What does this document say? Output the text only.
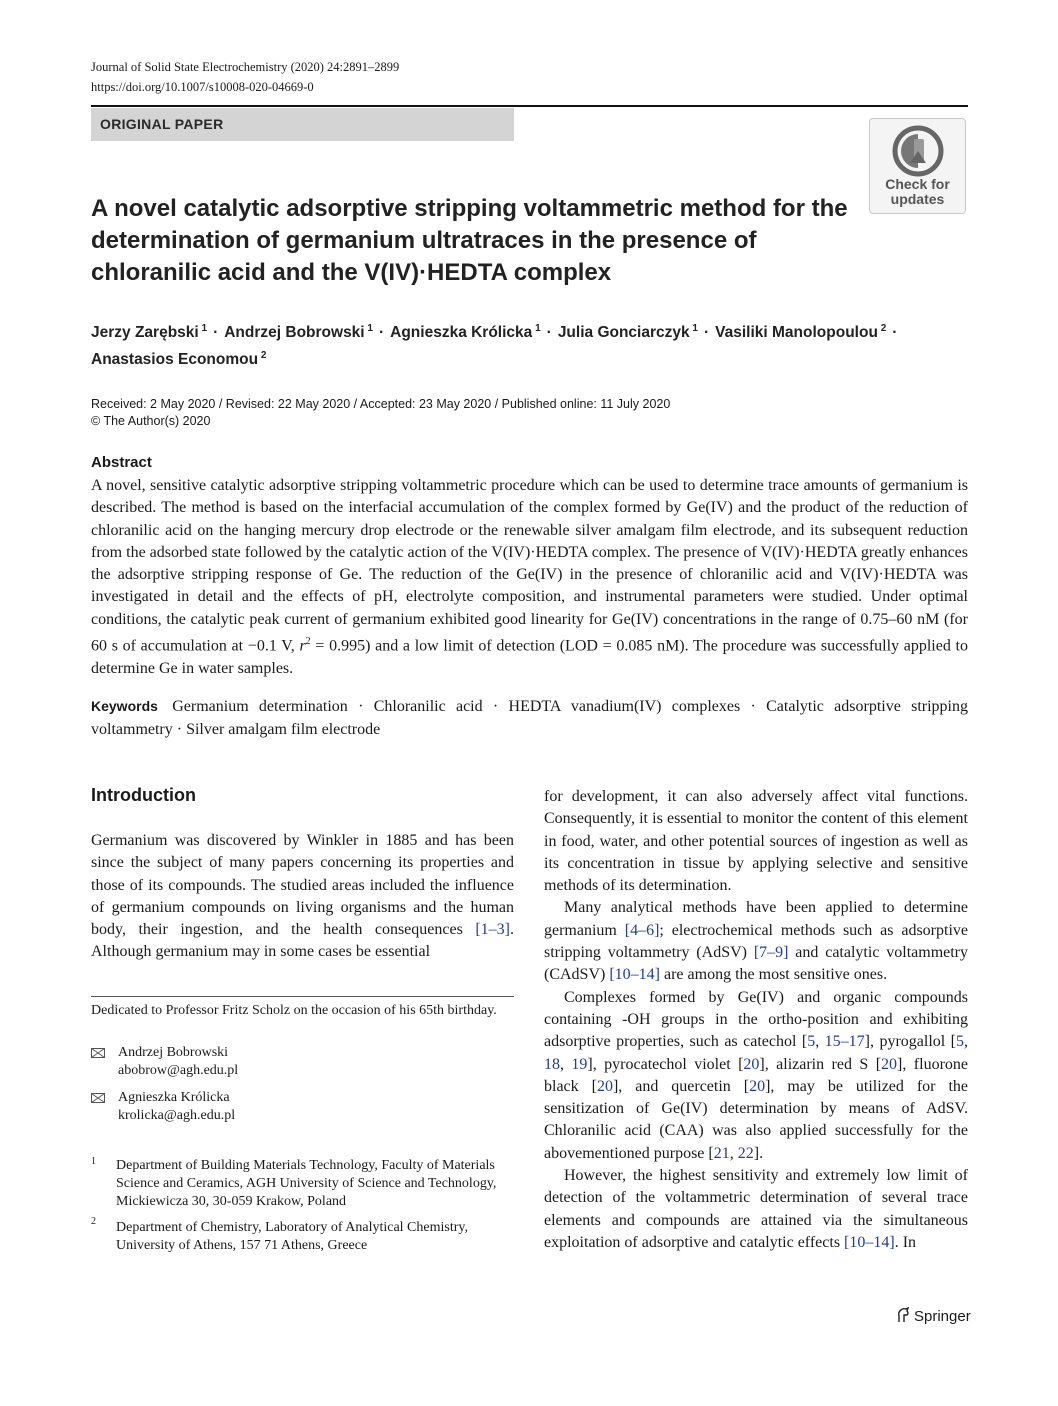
Journal of Solid State Electrochemistry (2020) 24:2891–2899
https://doi.org/10.1007/s10008-020-04669-0
ORIGINAL PAPER
Check for updates
A novel catalytic adsorptive stripping voltammetric method for the determination of germanium ultratraces in the presence of chloranilic acid and the V(IV)·HEDTA complex
Jerzy Zarębski $^1$ · Andrzej Bobrowski $^1$ · Agnieszka Królicka $^1$ · Julia Gonciarczyk $^1$ · Vasiliki Manolopoulou $^2$ ·
Anastasios Economou $^2$
Received: 2 May 2020 / Revised: 22 May 2020 / Accepted: 23 May 2020 / Published online: 11 July 2020
© The Author(s) 2020
Abstract
A novel, sensitive catalytic adsorptive stripping voltammetric procedure which can be used to determine trace amounts of germanium is described. The method is based on the interfacial accumulation of the complex formed by Ge(IV) and the product of the reduction of chloranilic acid on the hanging mercury drop electrode or the renewable silver amalgam film electrode, and its subsequent reduction from the adsorbed state followed by the catalytic action of the V(IV)·HEDTA complex. The presence of V(IV)·HEDTA greatly enhances the adsorptive stripping response of Ge. The reduction of the Ge(IV) in the presence of chloranilic acid and V(IV)·HEDTA was investigated in detail and the effects of pH, electrolyte composition, and instrumental parameters were studied. Under optimal conditions, the catalytic peak current of germanium exhibited good linearity for Ge(IV) concentrations in the range of 0.75–60 nM (for 60 s of accumulation at −0.1 V, $r^2 = 0.995$) and a low limit of detection (LOD = 0.085 nM). The procedure was successfully applied to determine Ge in water samples.
Keywords Germanium determination · Chloranilic acid · HEDTA vanadium(IV) complexes · Catalytic adsorptive stripping voltammetry · Silver amalgam film electrode
Introduction
Germanium was discovered by Winkler in 1885 and has been since the subject of many papers concerning its properties and those of its compounds. The studied areas included the influence of germanium compounds on living organisms and the human body, their ingestion, and the health consequences [1–3]. Although germanium may in some cases be essential
Dedicated to Professor Fritz Scholz on the occasion of his 65th birthday.
Andrzej Bobrowski
abobrow@agh.edu.pl
Agnieszka Królicka
krolicka@agh.edu.pl
1 Department of Building Materials Technology, Faculty of Materials Science and Ceramics, AGH University of Science and Technology, Mickiewicza 30, 30-059 Krakow, Poland
2 Department of Chemistry, Laboratory of Analytical Chemistry, University of Athens, 157 71 Athens, Greece

for development, it can also adversely affect vital functions. Consequently, it is essential to monitor the content of this element in food, water, and other potential sources of ingestion as well as its concentration in tissue by applying selective and sensitive methods of its determination.

Many analytical methods have been applied to determine germanium [4–6]; electrochemical methods such as adsorptive stripping voltammetry (AdSV) [7–9] and catalytic voltammetry (CAdSV) [10–14] are among the most sensitive ones.

Complexes formed by Ge(IV) and organic compounds containing -OH groups in the ortho-position and exhibiting adsorptive properties, such as catechol [5, 15–17], pyrogallol [5, 18, 19], pyrocatechol violet [20], alizarin red S [20], fluorone black [20], and quercetin [20], may be utilized for the sensitization of Ge(IV) determination by means of AdSV. Chloranilic acid (CAA) was also applied successfully for the abovementioned purpose [21, 22].

However, the highest sensitivity and extremely low limit of detection of the voltammetric determination of several trace elements and compounds are attained via the simultaneous exploitation of adsorptive and catalytic effects [10–14]. In

Springer
